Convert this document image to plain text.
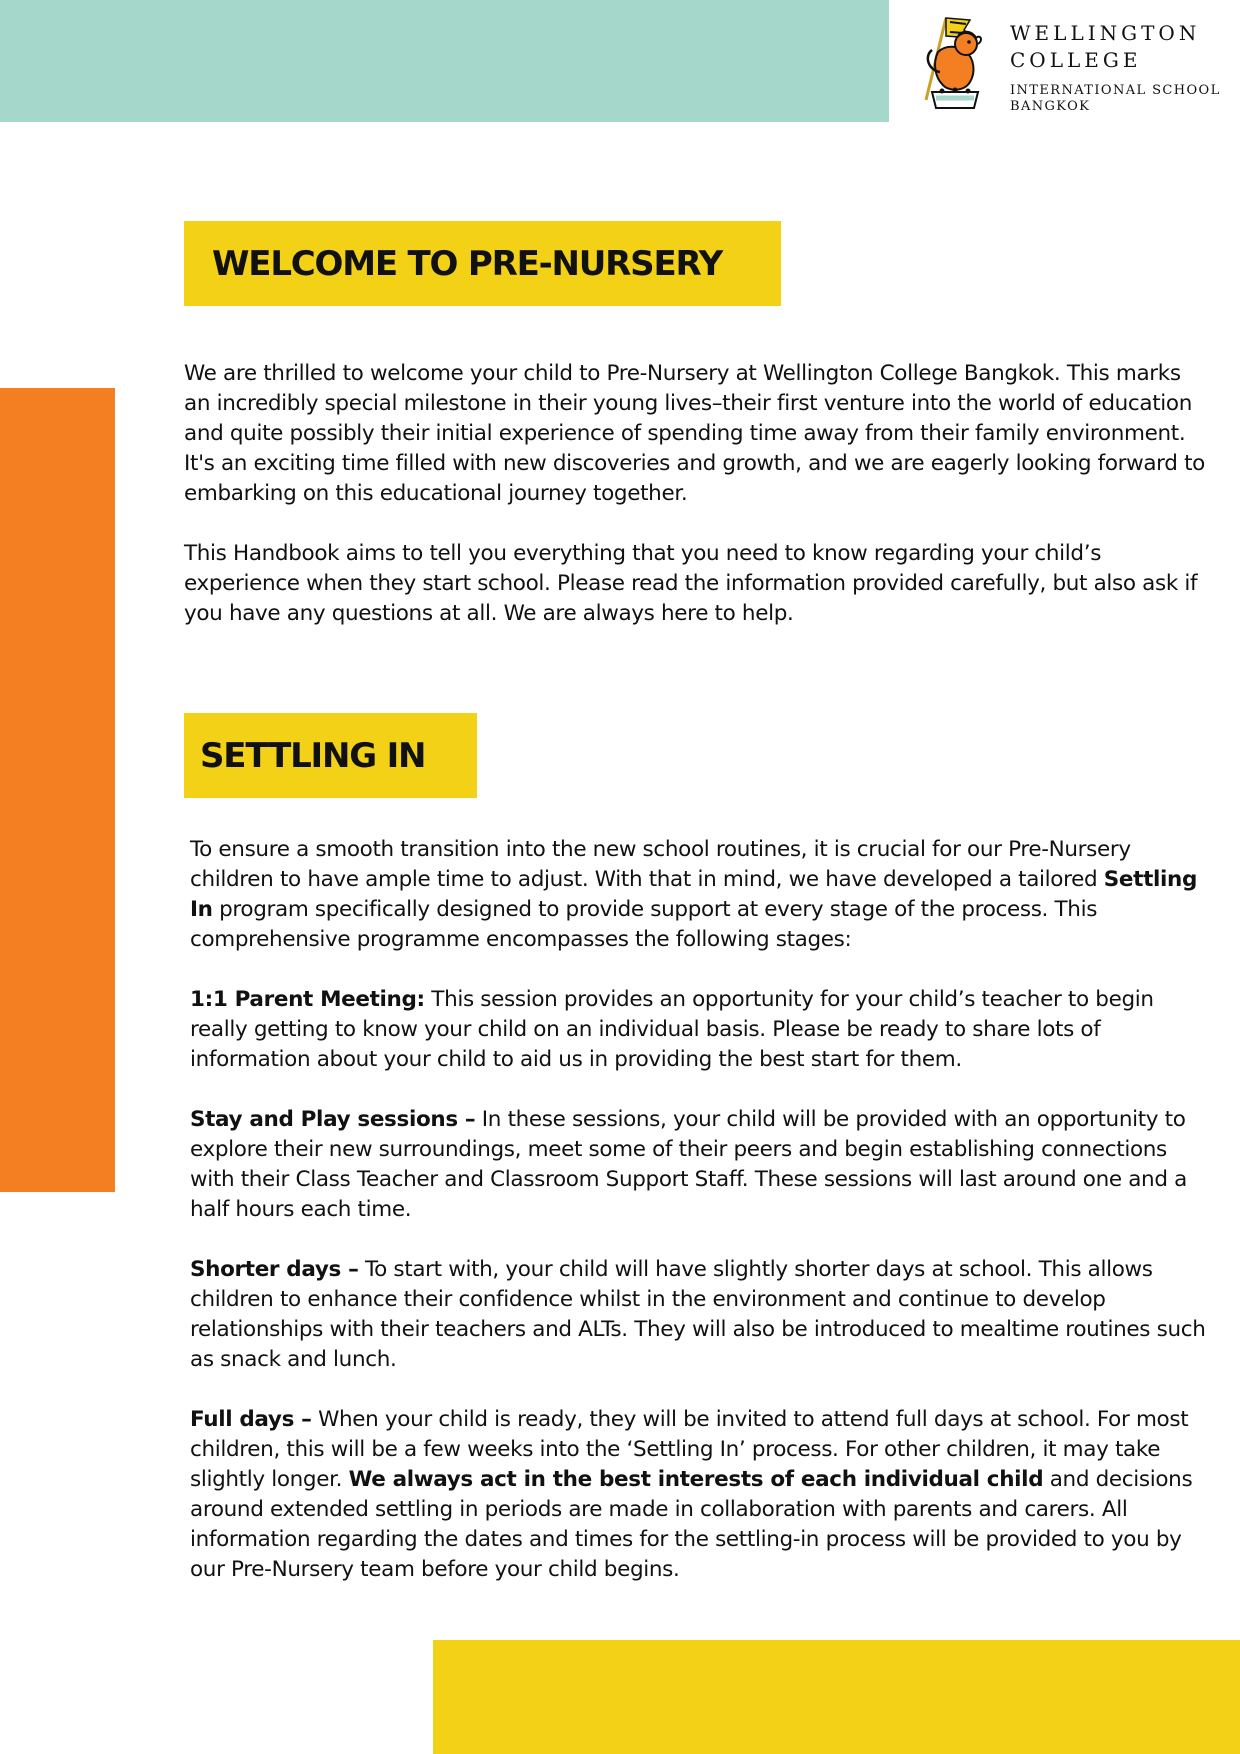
WELLINGTON
COLLEGE
INTERNATIONAL SCHOOL
BANGKOK
WELCOME TO PRE-NURSERY

We are thrilled to welcome your child to Pre-Nursery at Wellington College Bangkok. This marks an incredibly special milestone in their young lives–their first venture into the world of education and quite possibly their initial experience of spending time away from their family environment. It's an exciting time filled with new discoveries and growth, and we are eagerly looking forward to embarking on this educational journey together.

This Handbook aims to tell you everything that you need to know regarding your child’s experience when they start school. Please read the information provided carefully, but also ask if you have any questions at all. We are always here to help.

SETTLING IN

To ensure a smooth transition into the new school routines, it is crucial for our Pre-Nursery children to have ample time to adjust. With that in mind, we have developed a tailored Settling In program specifically designed to provide support at every stage of the process. This comprehensive programme encompasses the following stages:

1:1 Parent Meeting: This session provides an opportunity for your child’s teacher to begin really getting to know your child on an individual basis. Please be ready to share lots of information about your child to aid us in providing the best start for them.

Stay and Play sessions – In these sessions, your child will be provided with an opportunity to explore their new surroundings, meet some of their peers and begin establishing connections with their Class Teacher and Classroom Support Staff. These sessions will last around one and a half hours each time.

Shorter days – To start with, your child will have slightly shorter days at school. This allows children to enhance their confidence whilst in the environment and continue to develop relationships with their teachers and ALTs. They will also be introduced to mealtime routines such as snack and lunch.

Full days – When your child is ready, they will be invited to attend full days at school. For most children, this will be a few weeks into the ‘Settling In’ process. For other children, it may take slightly longer. We always act in the best interests of each individual child and decisions around extended settling in periods are made in collaboration with parents and carers. All information regarding the dates and times for the settling-in process will be provided to you by our Pre-Nursery team before your child begins.
